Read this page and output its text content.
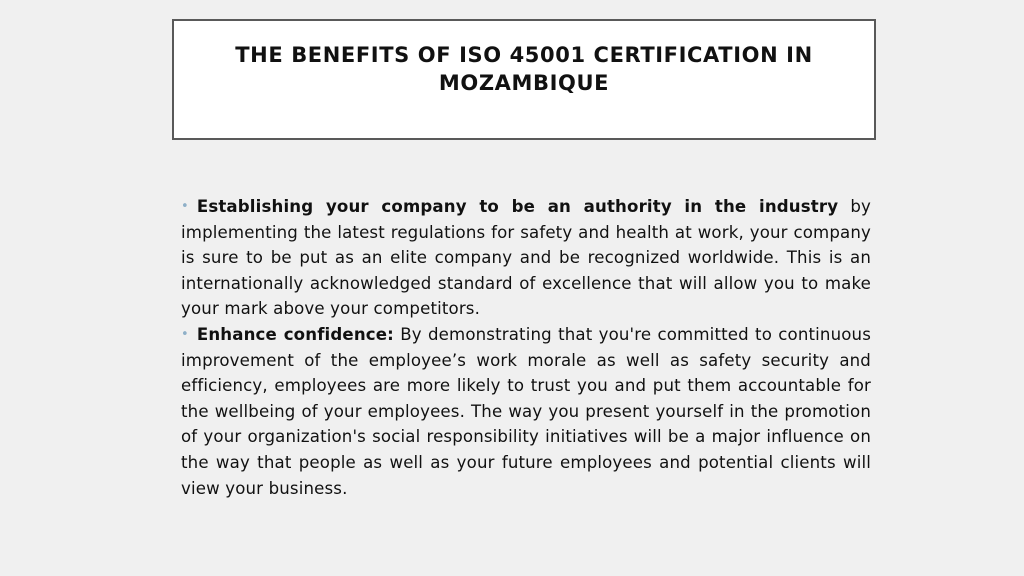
THE BENEFITS OF ISO 45001 CERTIFICATION IN MOZAMBIQUE

• Establishing your company to be an authority in the industry by implementing the latest regulations for safety and health at work, your company is sure to be put as an elite company and be recognized worldwide. This is an internationally acknowledged standard of excellence that will allow you to make your mark above your competitors.

• Enhance confidence: By demonstrating that you're committed to continuous improvement of the employee’s work morale as well as safety security and efficiency, employees are more likely to trust you and put them accountable for the wellbeing of your employees. The way you present yourself in the promotion of your organization's social responsibility initiatives will be a major influence on the way that people as well as your future employees and potential clients will view your business.
